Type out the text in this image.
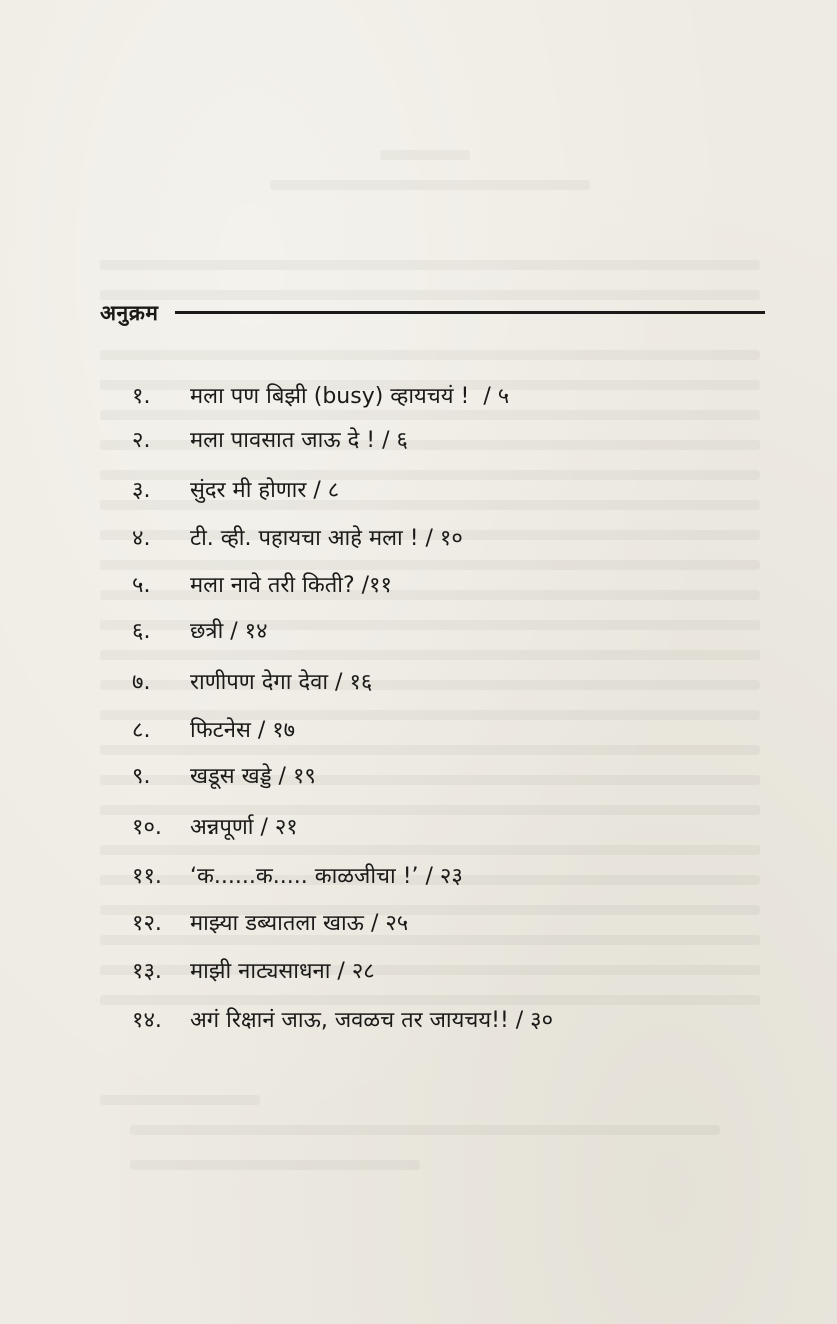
अनुक्रम
१. मला पण बिझी (busy) व्हायचयं ! / ५
२. मला पावसात जाऊ दे ! / ६
३. सुंदर मी होणार / ८
४. टी. व्ही. पहायचा आहे मला ! / १०
५. मला नावे तरी किती? /११
६. छत्री / १४
७. राणीपण देगा देवा / १६
८. फिटनेस / १७
९. खडूस खड्डे / १९
१०. अन्नपूर्णा / २१
११. ‘क......क..... काळजीचा !’ / २३
१२. माझ्या डब्यातला खाऊ / २५
१३. माझी नाट्यसाधना / २८
१४. अगं रिक्षानं जाऊ, जवळच तर जायचय!! / ३०
